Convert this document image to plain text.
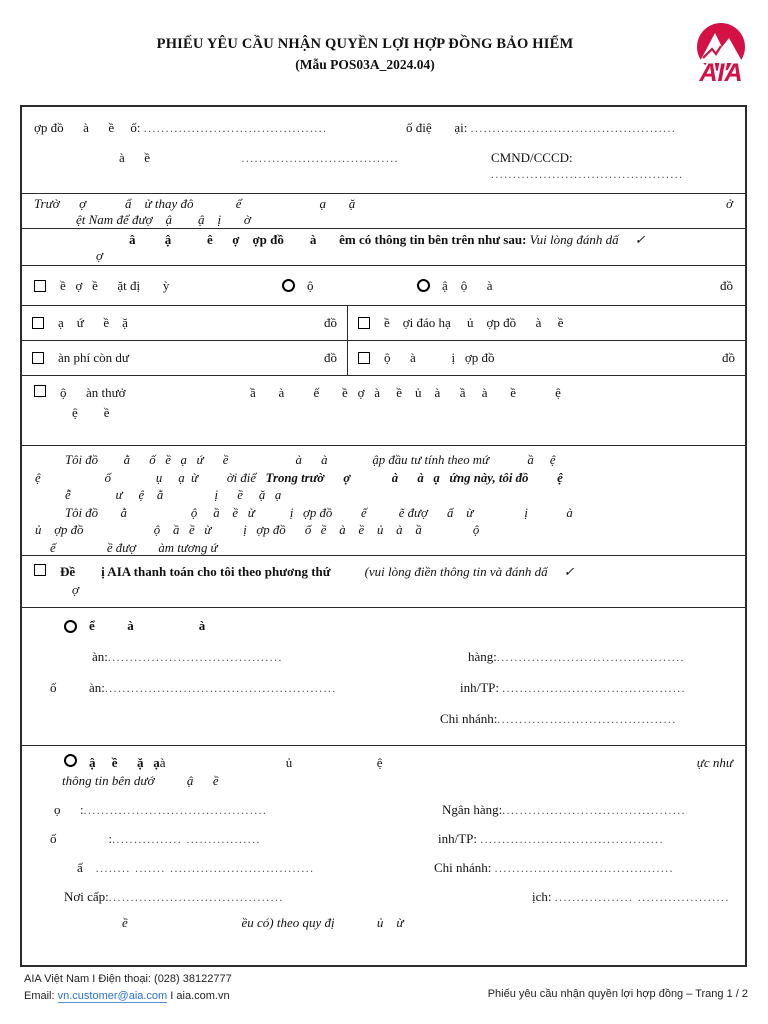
PHIẾU YÊU CẦU NHẬN QUYỀN LỢI HỢP ĐỒNG BẢO HIỂM
(Mẫu POS03A_2024.04)	AIA
ợp đồ      à      ề     ố: ..........................................	ố điệ       ại: ...............................................
à      ề	....................................	CMND/CCCD: ............................................
Trườ      ợ            ẩ    ử thay đô             ể                        ạ       ặ	ở
ệt Nam để đượ    ậ        ậ    ị       ờ
â         ậ           ê      ợ    ợp đồ        à       êm có thông tin bên trên như sau: Vui lòng đánh dấ ✓
ợ
ề   ợ   ề      ặt đị       ỳ	ộ	ậ    ộ      à	đồ
ạ    ứ      ề    ặ	đồ	ề    ợi đáo hạ     ủ    ợp đồ      à     ề
àn phí còn dư	đồ	ộ      à           ị   ợp đồ	đồ
ộ      àn thưở	ầ       à         ế       ề   ợ   à     ề    ủ    à      ầ     à       ề            ệ
ệ        ề
Tôi đồ        ằ      ố   ề   ạ   ứ      ề                     à      à              ập đầu tư tính theo mứ            ầ     ệ
ệ                    ố              ụ     ạ  ừ         ời điể   Trong trườ      ợ             à      à   ạ   ứng này, tôi đồ         ệ
ễ              ư     ệ    ằ                ị      ề     ặ   ạ
Tôi đồ       ằ                    ộ     ầ    ề   ừ           ị   ợp đồ         ế          ẽ đượ      ấ    ừ                ị            à
ủ    ợp đồ                      ộ    ầ   ề   ừ          ị   ợp đồ      ố   ề    à    ề    ủ    à    ầ                ộ
ế                ề đượ       àm tương ứ
Đề        ị AIA thanh toán cho tôi theo phương thứ	(vui lòng điền thông tin và đánh dấ ✓
ợ
ể          à                    à
àn:........................................	hàng:...........................................
ố          àn:.....................................................	inh/TP: ..........................................
Chi nhánh:.........................................
ậ     ề      ặ   ạ à                                     ủ                          ệ	ực như
thông tin bên dướ          ậ      ề
ọ      :..........................................	Ngân hàng:..........................................
ố                :................ .................	inh/TP: ..........................................
ấ    ........ ....... .................................	Chi nhánh: .........................................
Nơi cấp:........................................	ịch: .................. .....................
ề                                   ều có) theo quy đị             ủ    ừ
AIA Việt Nam I Điện thoại: (028) 38122777
Email: vn.customer@aia.com I aia.com.vn	Phiếu yêu cầu nhận quyền lợi hợp đồng – Trang 1 / 2
